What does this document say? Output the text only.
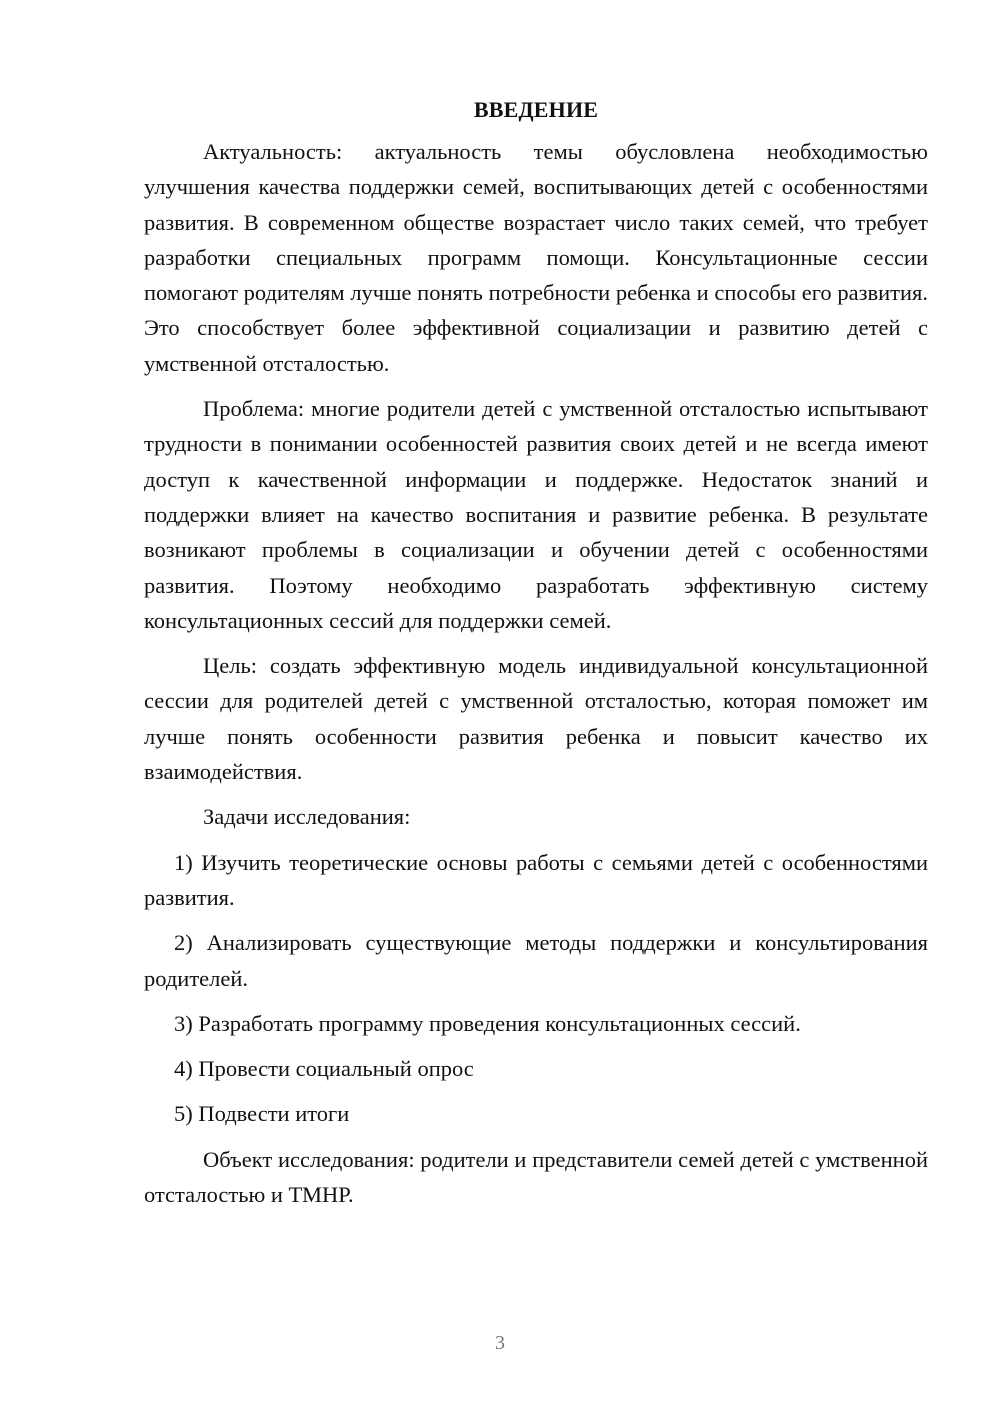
ВВЕДЕНИЕ

Актуальность: актуальность темы обусловлена необходимостью улучшения качества поддержки семей, воспитывающих детей с особенностями развития. В современном обществе возрастает число таких семей, что требует разработки специальных программ помощи. Консультационные сессии помогают родителям лучше понять потребности ребенка и способы его развития. Это способствует более эффективной социализации и развитию детей с умственной отсталостью.

Проблема: многие родители детей с умственной отсталостью испытывают трудности в понимании особенностей развития своих детей и не всегда имеют доступ к качественной информации и поддержке. Недостаток знаний и поддержки влияет на качество воспитания и развитие ребенка. В результате возникают проблемы в социализации и обучении детей с особенностями развития. Поэтому необходимо разработать эффективную систему консультационных сессий для поддержки семей.

Цель: создать эффективную модель индивидуальной консультационной сессии для родителей детей с умственной отсталостью, которая поможет им лучше понять особенности развития ребенка и повысит качество их взаимодействия.

Задачи исследования:

1) Изучить теоретические основы работы с семьями детей с особенностями развития.

2) Анализировать существующие методы поддержки и консультирования родителей.

3) Разработать программу проведения консультационных сессий.

4) Провести социальный опрос

5) Подвести итоги

Объект исследования: родители и представители семей детей с умственной отсталостью и ТМНР.

3
